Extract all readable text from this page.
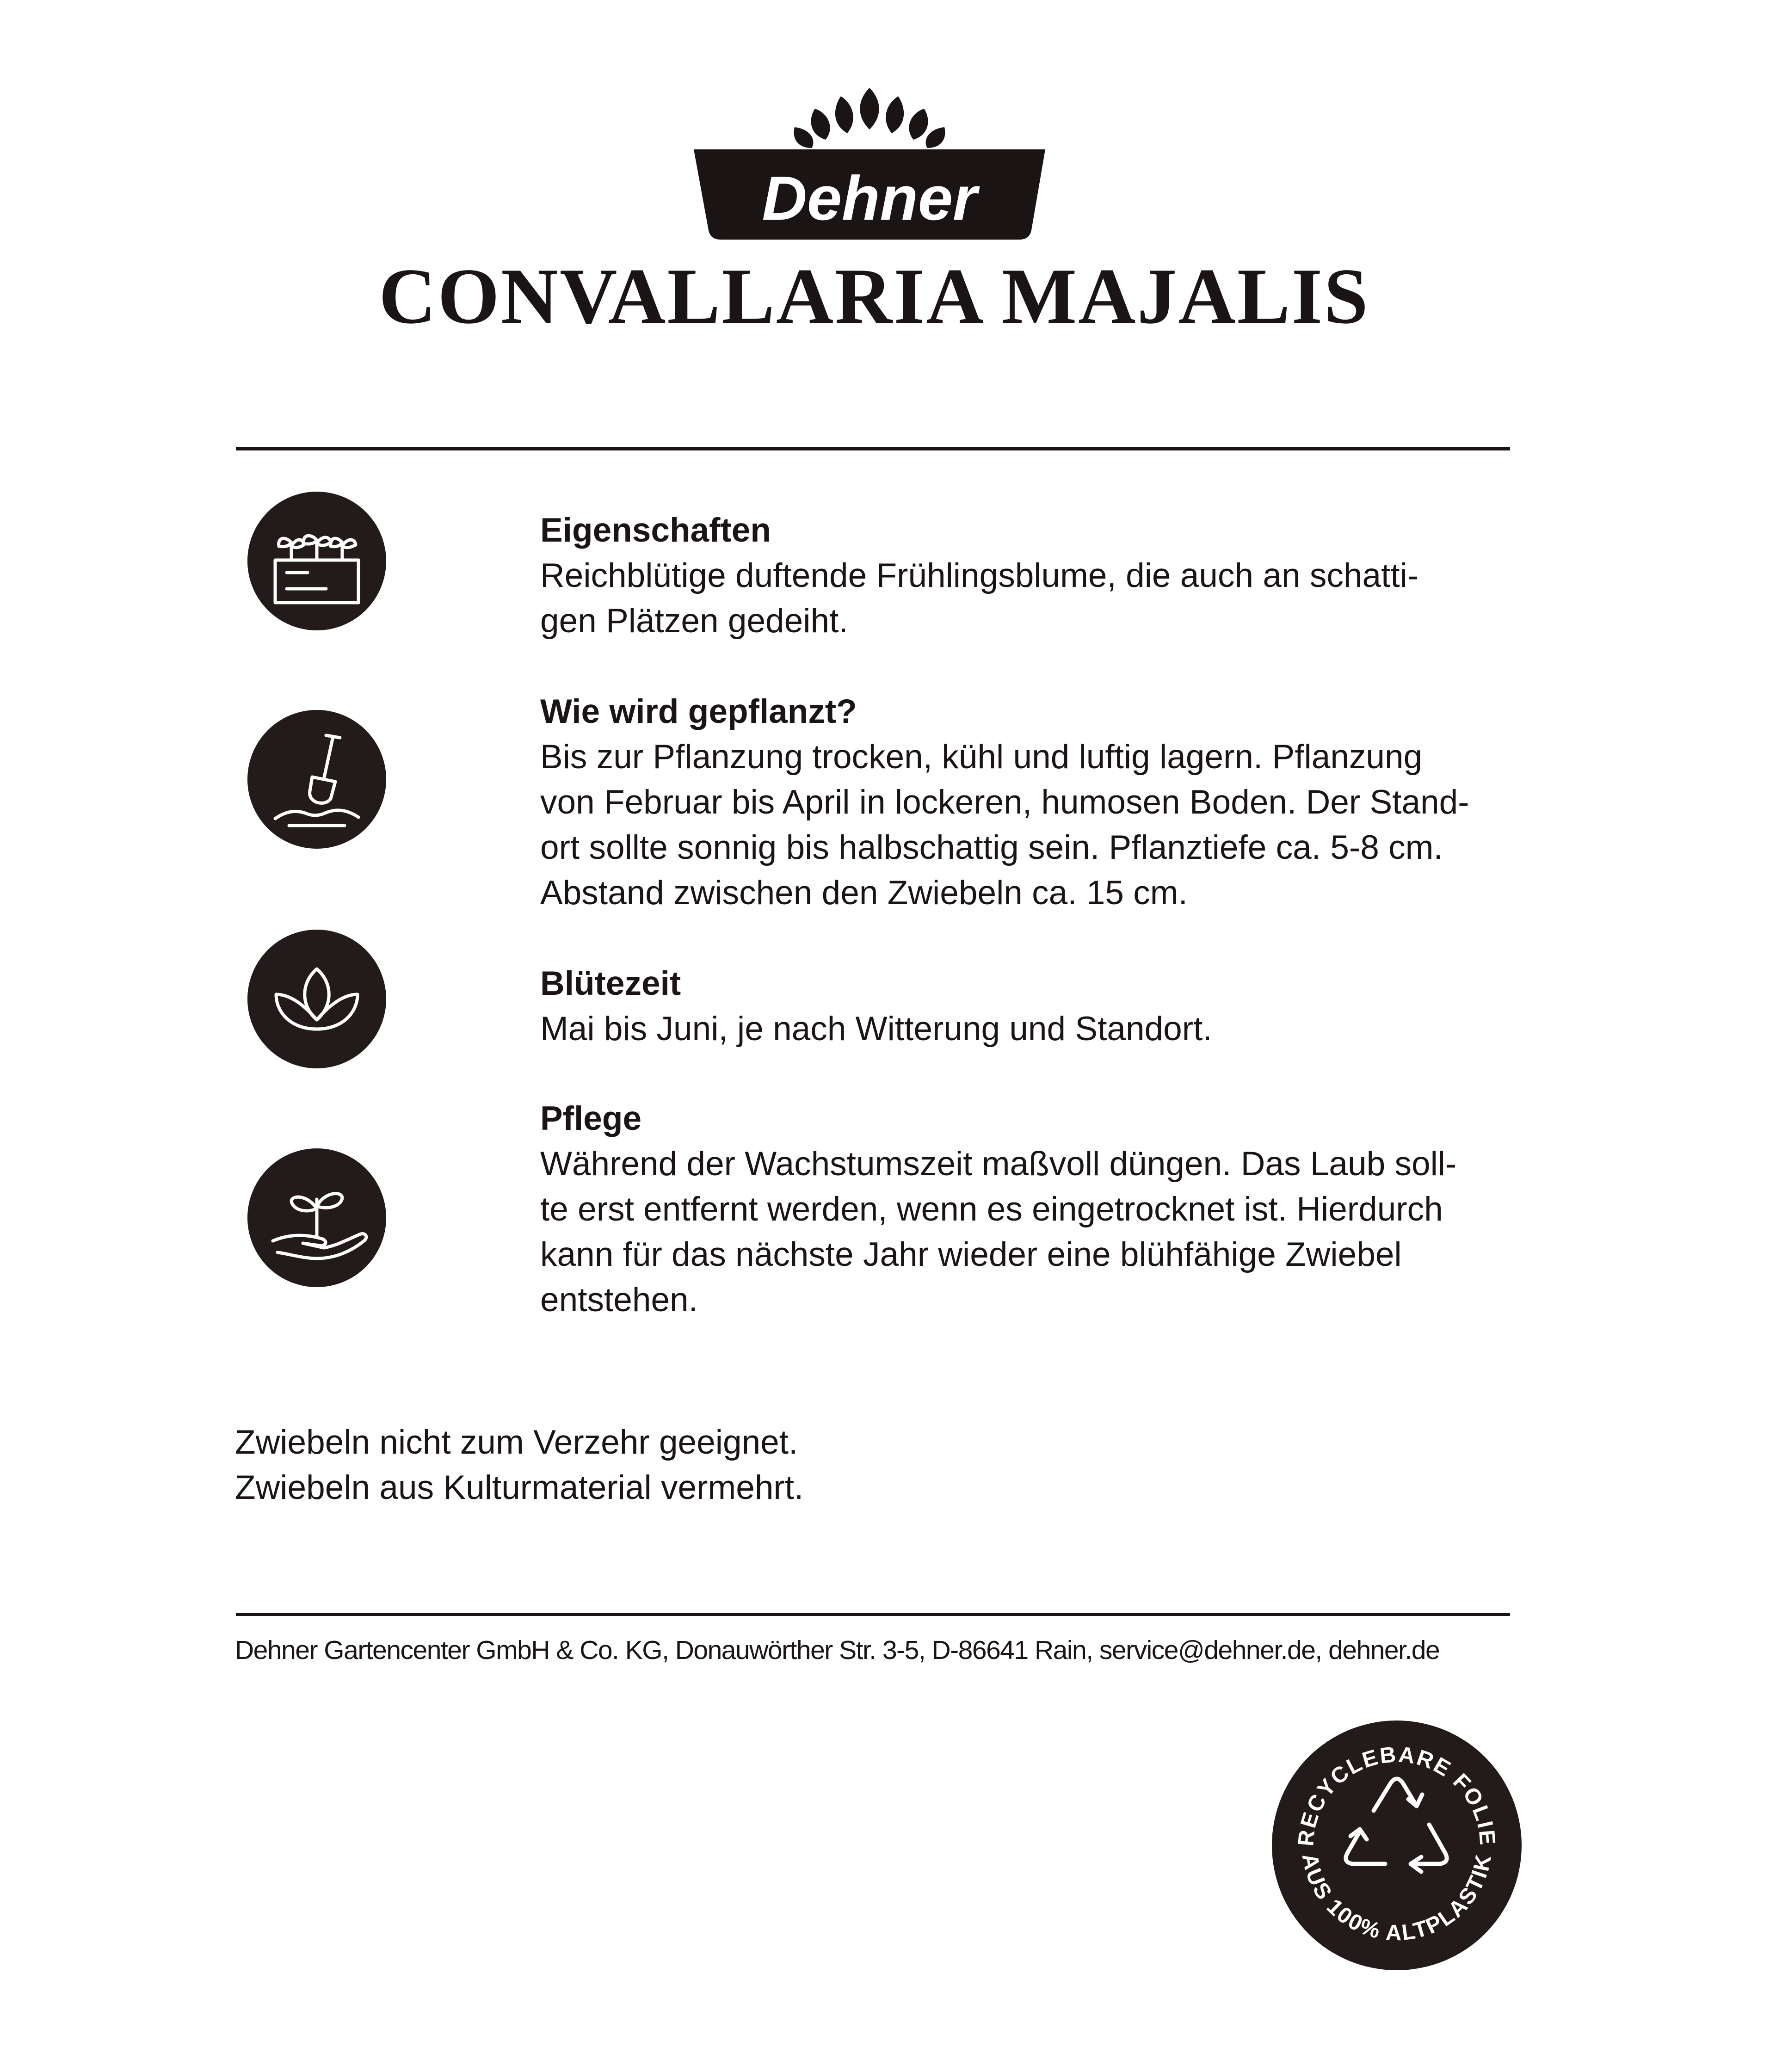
Dehner
CONVALLARIA MAJALIS
Eigenschaften

Reichblütige duftende Frühlingsblume, die auch an schatti-

gen Plätzen gedeiht.

Wie wird gepflanzt?

Bis zur Pflanzung trocken, kühl und luftig lagern. Pflanzung

von Februar bis April in lockeren, humosen Boden. Der Stand-

ort sollte sonnig bis halbschattig sein. Pflanztiefe ca. 5-8 cm.

Abstand zwischen den Zwiebeln ca. 15 cm.

Blütezeit

Mai bis Juni, je nach Witterung und Standort.

Pflege

Während der Wachstumszeit maßvoll düngen. Das Laub soll-

te erst entfernt werden, wenn es eingetrocknet ist. Hierdurch

kann für das nächste Jahr wieder eine blühfähige Zwiebel

entstehen.

Zwiebeln nicht zum Verzehr geeignet.

Zwiebeln aus Kulturmaterial vermehrt.

Dehner Gartencenter GmbH & Co. KG, Donauwörther Str. 3-5, D-86641 Rain, service@dehner.de, dehner.de
RECYCLEBARE FOLIE
AUS 100% ALTPLASTIK
